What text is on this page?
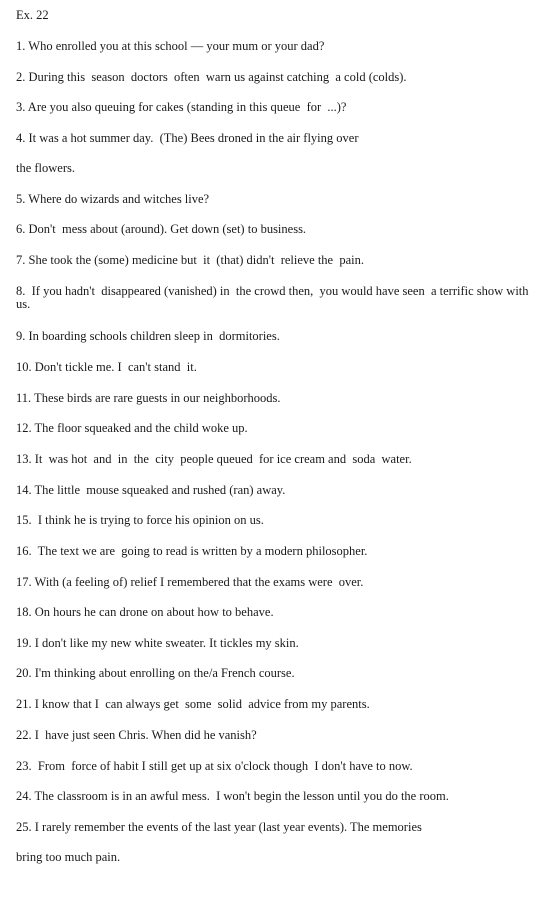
Ex. 22
1. Who enrolled you at this school — your mum or your dad?
2. During this  season  doctors  often  warn us against catching  a cold (colds).
3. Are you also queuing for cakes (standing in this queue  for  ...)?
4. It was a hot summer day.  (The) Bees droned in the air flying over
the flowers.
5. Where do wizards and witches live?
6. Don't  mess about (around). Get down (set) to business.
7. She took the (some) medicine but  it  (that) didn't  relieve the  pain.
8.  If you hadn't  disappeared (vanished) in  the crowd then,  you would have seen  a terrific show with us.
9. In boarding schools children sleep in  dormitories.
10. Don't tickle me. I  can't stand  it.
11. These birds are rare guests in our neighborhoods.
12. The floor squeaked and the child woke up.
13. It  was hot  and  in  the  city  people queued  for ice cream and  soda  water.
14. The little  mouse squeaked and rushed (ran) away.
15.  I think he is trying to force his opinion on us.
16.  The text we are  going to read is written by a modern philosopher.
17. With (a feeling of) relief I remembered that the exams were  over.
18. On hours he can drone on about how to behave.
19. I don't like my new white sweater. It tickles my skin.
20. I'm thinking about enrolling on the/a French course.
21. I know that I  can always get  some  solid  advice from my parents.
22. I  have just seen Chris. When did he vanish?
23.  From  force of habit I still get up at six o'clock though  I don't have to now.
24. The classroom is in an awful mess.  I won't begin the lesson until you do the room.
25. I rarely remember the events of the last year (last year events). The memories
bring too much pain.
